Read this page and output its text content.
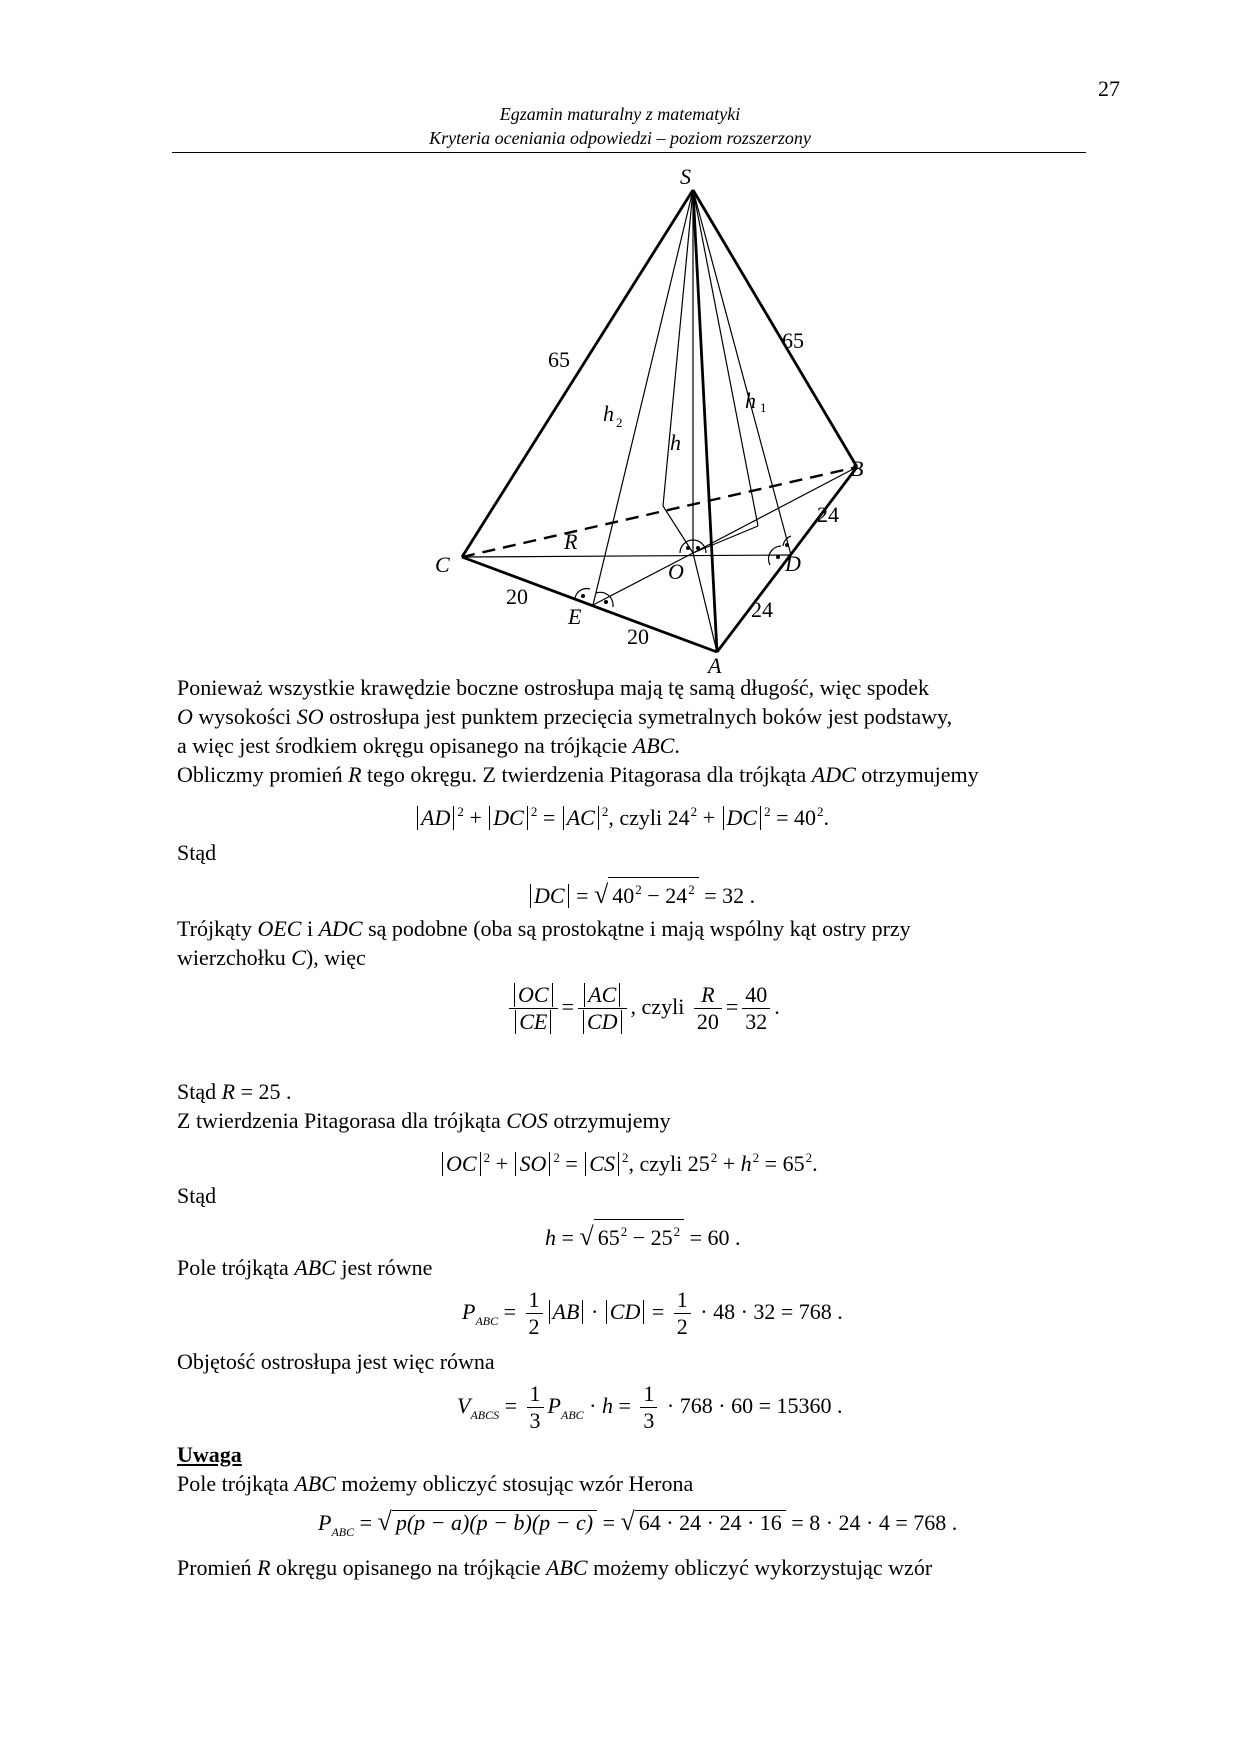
27
Egzamin maturalny z matematyki
Kryteria oceniania odpowiedzi – poziom rozszerzony
S
B
C
A
D
E
O
R
h
h 1
h 2
65
65
24
24
20
20
Ponieważ wszystkie krawędzie boczne ostrosłupa mają tę samą długość, więc spodek
O wysokości SO ostrosłupa jest punktem przecięcia symetralnych boków jest podstawy,
a więc jest środkiem okręgu opisanego na trójkącie ABC.
Obliczmy promień R tego okręgu. Z twierdzenia Pitagorasa dla trójkąta ADC otrzymujemy
AD $^2$ + DC $^2$ = AC $^2$, czyli $24^2$ + DC $^2 = 40^2$.
Stąd
DC = √ $40^2 - 24^2 = 32$ .
Trójkąty OEC i ADC są podobne (oba są prostokątne i mają wspólny kąt ostry przy
wierzchołku C), więc
$\frac{OC}{CE} = \frac{AC}{CD}$ , czyli $\frac{R}{20} = \frac{40}{32}$ .
Stąd R = 25 .
Z twierdzenia Pitagorasa dla trójkąta COS otrzymujemy
OC $^2$ + SO $^2$ = CS $^2$, czyli $25^2 + h^2 = 65^2$.
Stąd
h = √ $65^2 - 25^2 = 60$ .
Pole trójkąta ABC jest równe
$P_{ABC} = \frac{1}{2}$ AB · CD = $\frac{1}{2} \cdot 48 \cdot 32 = 768$ .
Objętość ostrosłupa jest więc równa
$V_{ABCS} = \frac{1}{3} P_{ABC} \cdot h = \frac{1}{3} \cdot 768 \cdot 60 = 15360$ .
Uwaga
Pole trójkąta ABC możemy obliczyć stosując wzór Herona
$P_{ABC}$ = √ p(p − a)(p − b)(p − c) = √ 64 · 24 · 24 · 16 = 8 · 24 · 4 = 768 .
Promień R okręgu opisanego na trójkącie ABC możemy obliczyć wykorzystując wzór
